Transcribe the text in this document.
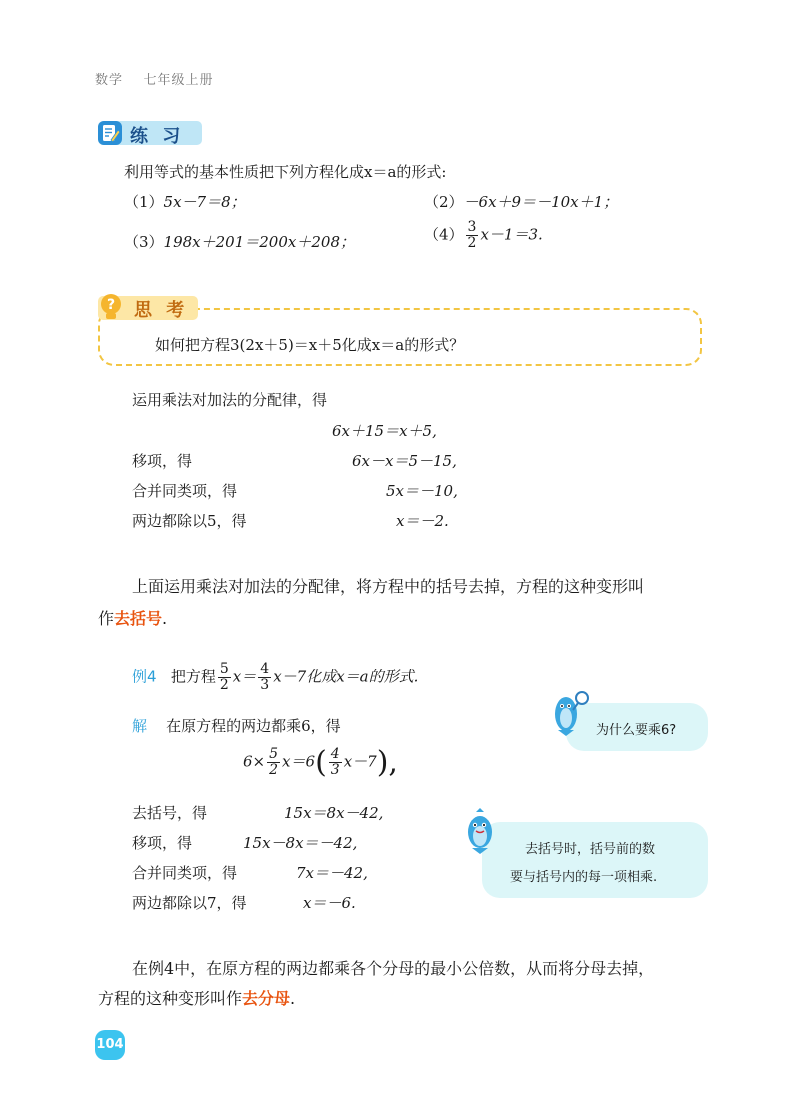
数学 七年级上册
练 习
利用等式的基本性质把下列方程化成x＝a的形式:
（1）5x－7＝8；	（2）－6x＋9＝－10x＋1；
（3）198x＋201＝200x＋208；	$(4) \frac{3}{2} x-1=3$.
? 思 考
如何把方程3(2x＋5)＝x＋5化成x＝a的形式？
运用乘法对加法的分配律，得
6x＋15＝x＋5,
移项，得	6x－x＝5－15,
合并同类项，得	5x＝－10,
两边都除以5，得	x＝－2.
上面运用乘法对加法的分配律，将方程中的括号去掉，方程的这种变形叫
作去括号.
例4 把方程 $\frac{5}{2} x= \frac{4}{3} x-7$化成x＝a的形式.
解 在原方程的两边都乘6，得
$6\times \frac{5}{2} x=6( \frac{4}{3} x-7)$,
去括号，得	15x＝8x－42,
移项，得	15x－8x＝－42,
合并同类项，得	7x＝－42,
两边都除以7，得	x＝－6.
为什么要乘6?
去括号时，括号前的数
要与括号内的每一项相乘.
在例4中，在原方程的两边都乘各个分母的最小公倍数，从而将分母去掉，
方程的这种变形叫作去分母.
104
